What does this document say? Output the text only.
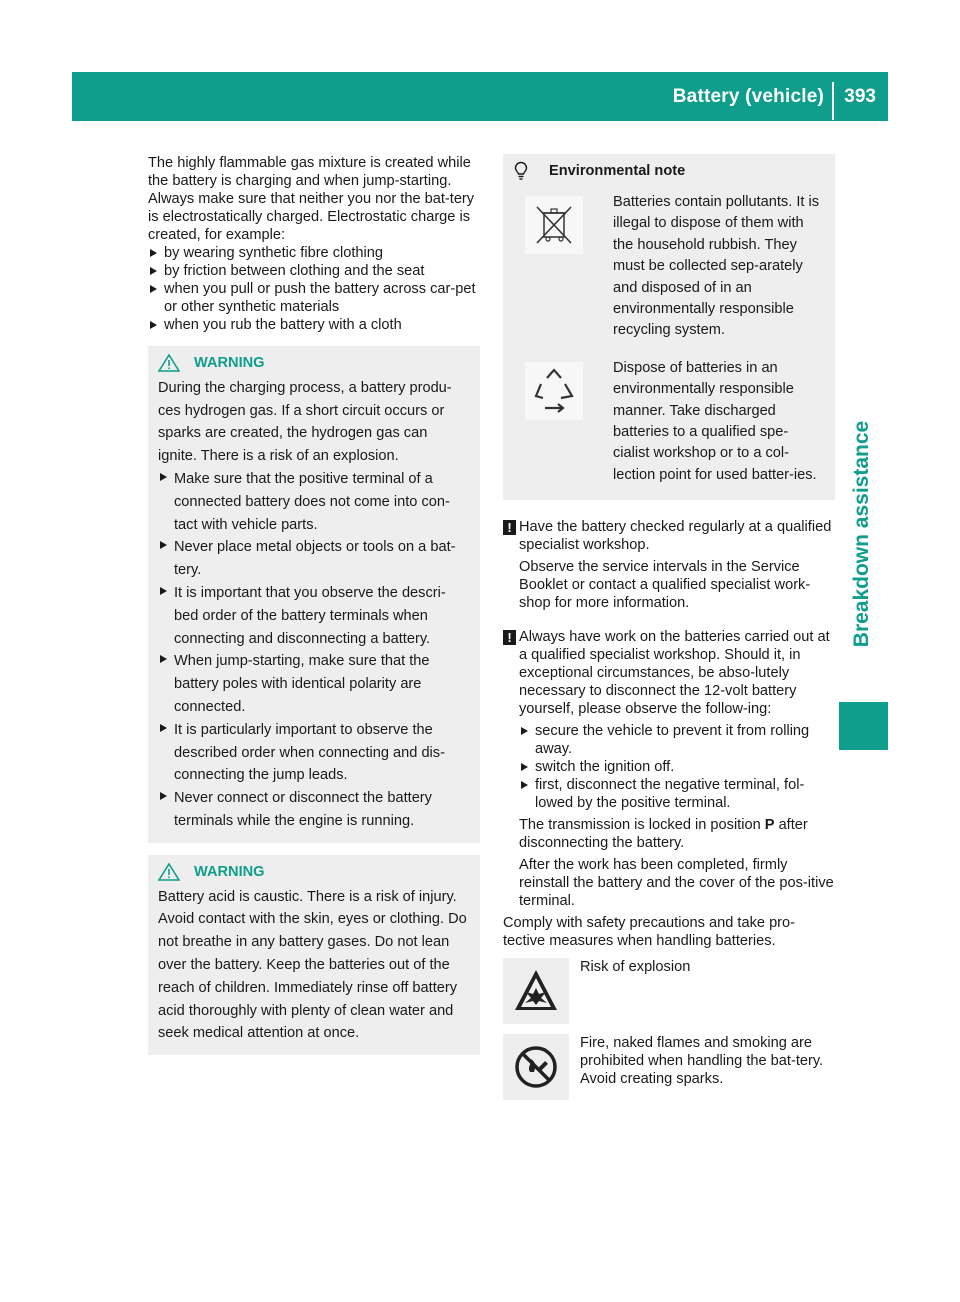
Battery (vehicle) 393
Breakdown assistance

The highly flammable gas mixture is created while the battery is charging and when jump-starting.

Always make sure that neither you nor the bat-tery is electrostatically charged. Electrostatic charge is created, for example:

by wearing synthetic fibre clothing
by friction between clothing and the seat
when you pull or push the battery across car-pet or other synthetic materials
when you rub the battery with a cloth
WARNING

During the charging process, a battery produ-ces hydrogen gas. If a short circuit occurs or sparks are created, the hydrogen gas can ignite. There is a risk of an explosion.

Make sure that the positive terminal of a connected battery does not come into con-tact with vehicle parts.
Never place metal objects or tools on a bat-tery.
It is important that you observe the descri-bed order of the battery terminals when connecting and disconnecting a battery.
When jump-starting, make sure that the battery poles with identical polarity are connected.
It is particularly important to observe the described order when connecting and dis-connecting the jump leads.
Never connect or disconnect the battery terminals while the engine is running.
WARNING

Battery acid is caustic. There is a risk of injury.

Avoid contact with the skin, eyes or clothing. Do not breathe in any battery gases. Do not lean over the battery. Keep the batteries out of the reach of children. Immediately rinse off battery acid thoroughly with plenty of clean water and seek medical attention at once.

Environmental note

Batteries contain pollutants. It is illegal to dispose of them with the household rubbish. They must be collected sep-arately and disposed of in an environmentally responsible recycling system.

Dispose of batteries in an environmentally responsible manner. Take discharged batteries to a qualified spe-cialist workshop or to a col-lection point for used batter-ies.

! Have the battery checked regularly at a qualified specialist workshop.

Observe the service intervals in the Service Booklet or contact a qualified specialist work-shop for more information.

! Always have work on the batteries carried out at a qualified specialist workshop. Should it, in exceptional circumstances, be abso-lutely necessary to disconnect the 12-volt battery yourself, please observe the follow-ing:

secure the vehicle to prevent it from rolling away.
switch the ignition off.
first, disconnect the negative terminal, fol-lowed by the positive terminal.

The transmission is locked in position P after disconnecting the battery.

After the work has been completed, firmly reinstall the battery and the cover of the pos-itive terminal.

Comply with safety precautions and take pro-tective measures when handling batteries.

Risk of explosion

Fire, naked flames and smoking are prohibited when handling the bat-tery. Avoid creating sparks.
